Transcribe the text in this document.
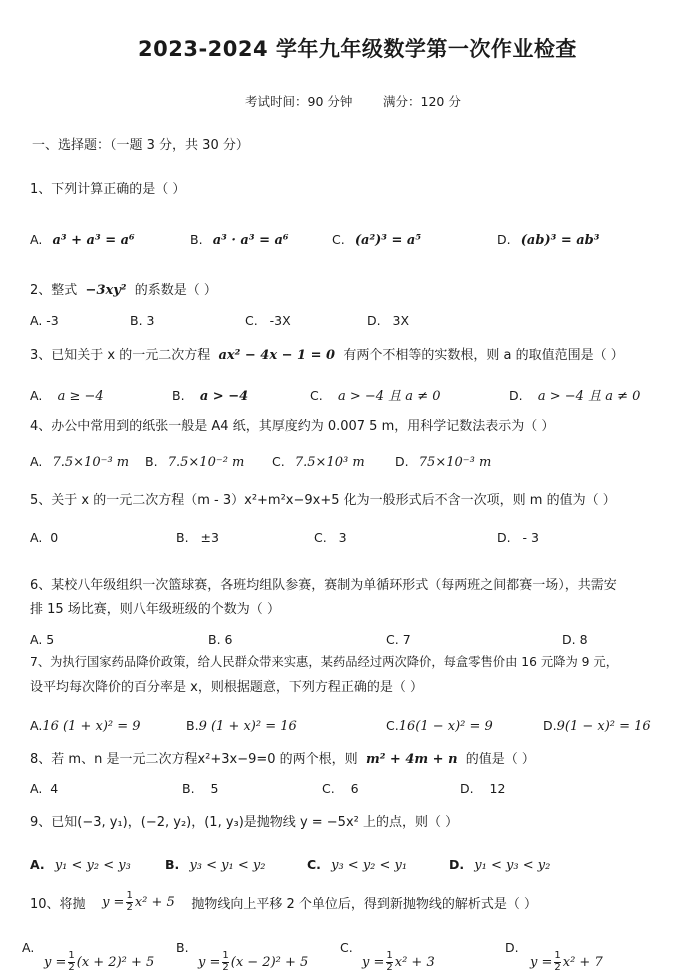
2023-2024 学年九年级数学第一次作业检查
考试时间：90 分钟 满分：120 分
一、选择题：（一题 3 分，共 30 分）
1、下列计算正确的是（ ）
A. a³ + a³ = a⁶	B. a³ · a³ = a⁶	C. (a²)³ = a⁵	D. (ab)³ = ab³
2、整式 −3xy² 的系数是（ ）
A. -3	B. 3	C. -3X	D. 3X
3、已知关于 x 的一元二次方程 ax² − 4x − 1 = 0 有两个不相等的实数根，则 a 的取值范围是（ ）
A. a ≥ −4	B. a > −4	C. a > −4 且 a ≠ 0	D. a > −4 且 a ≠ 0
4、办公中常用到的纸张一般是 A4 纸，其厚度约为 0.007 5 m，用科学记数法表示为（ ）
A. 7.5×10⁻³ m B. 7.5×10⁻² m C. 7.5×10³ m D. 75×10⁻³ m
5、关于 x 的一元二次方程（m - 3）x²+m²x−9x+5 化为一般形式后不含一次项，则 m 的值为（ ）
A. 0	B. ±3	C. 3	D. - 3
6、某校八年级组织一次篮球赛，各班均组队参赛，赛制为单循环形式（每两班之间都赛一场），共需安
排 15 场比赛，则八年级班级的个数为（ ）
A. 5	B. 6	C. 7	D. 8
7、为执行国家药品降价政策，给人民群众带来实惠，某药品经过两次降价，每盒零售价由 16 元降为 9 元，
设平均每次降价的百分率是 x，则根据题意，下列方程正确的是（ ）
A.16 (1 + x)² = 9	B.9 (1 + x)² = 16	C.16(1 − x)² = 9	D.9(1 − x)² = 16
8、若 m、n 是一元二次方程x²+3x−9=0 的两个根，则 m² + 4m + n 的值是（ ）
A. 4	B. 5	C. 6	D. 12
9、已知(−3, y₁)，(−2, y₂)，(1, y₃)是抛物线 y = −5x² 上的点，则（ ）
A. y₁ < y₂ < y₃	B. y₃ < y₁ < y₂	C. y₃ < y₂ < y₁	D. y₁ < y₃ < y₂
10、将抛
$y = \frac{1}{2} x^2 + 5$
抛物线向上平移 2 个单位后，得到新抛物线的解析式是（ ）
A.
$y = \frac{1}{2} (x + 2)^2 + 5$
B.
$y = \frac{1}{2} (x - 2)^2 + 5$
C.
$y = \frac{1}{2} x^2 + 3$
D.
$y = \frac{1}{2} x^2 + 7$
